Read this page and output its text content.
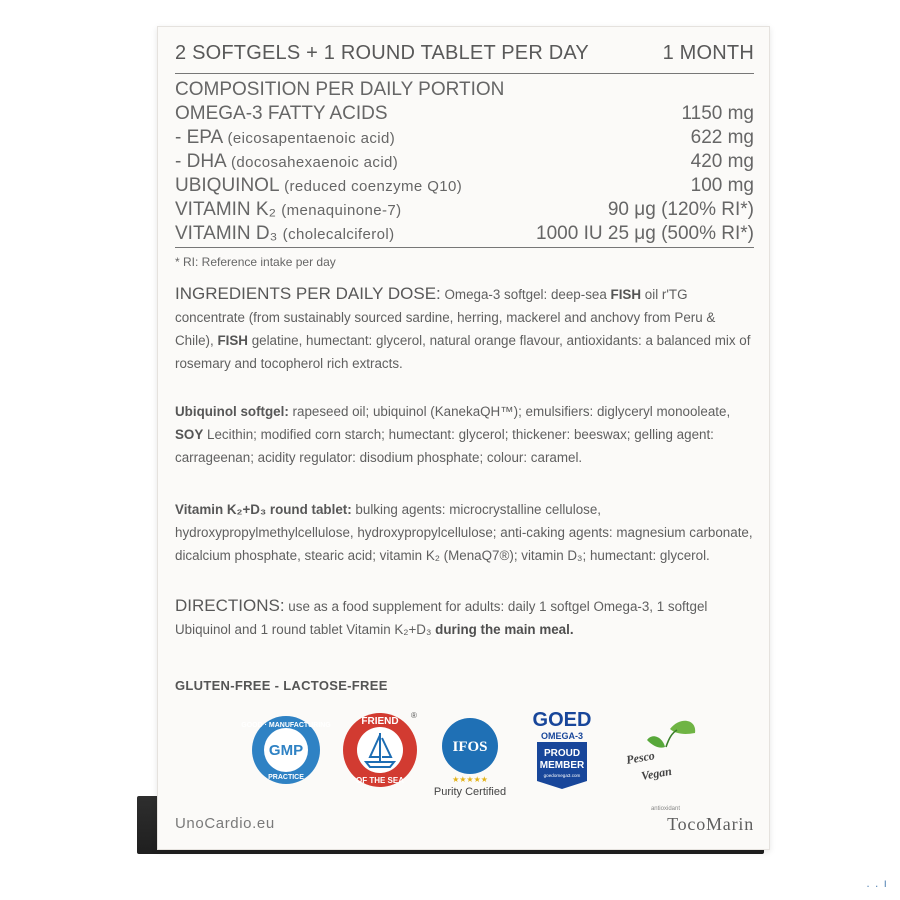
2 SOFTGELS + 1 ROUND TABLET PER DAY	1 MONTH
COMPOSITION PER DAILY PORTION
OMEGA-3 FATTY ACIDS	1150 mg
- EPA (eicosapentaenoic acid)	622 mg
- DHA (docosahexaenoic acid)	420 mg
UBIQUINOL (reduced coenzyme Q10)	100 mg
VITAMIN K₂ (menaquinone-7)	90 μg (120% RI*)
VITAMIN D₃ (cholecalciferol)	1000 IU 25 μg (500% RI*)
* RI: Reference intake per day
INGREDIENTS PER DAILY DOSE: Omega-3 softgel: deep-sea FISH oil r'TG concentrate (from sustainably sourced sardine, herring, mackerel and anchovy from Peru & Chile), FISH gelatine, humectant: glycerol, natural orange flavour, antioxidants: a balanced mix of rosemary and tocopherol rich extracts.
Ubiquinol softgel: rapeseed oil; ubiquinol (KanekaQH™); emulsifiers: diglyceryl monooleate, SOY Lecithin; modified corn starch; humectant: glycerol; thickener: beeswax; gelling agent: carrageenan; acidity regulator: disodium phosphate; colour: caramel.
Vitamin K₂+D₃ round tablet: bulking agents: microcrystalline cellulose, hydroxypropylmethylcellulose, hydroxypropylcellulose; anti-caking agents: magnesium carbonate, dicalcium phosphate, stearic acid; vitamin K₂ (MenaQ7®); vitamin D₃; humectant: glycerol.
DIRECTIONS: use as a food supplement for adults: daily 1 softgel Omega-3, 1 softgel Ubiquinol and 1 round tablet Vitamin K₂+D₃ during the main meal.
GLUTEN-FREE - LACTOSE-FREE
GOOD · MANUFACTURING
GMP
PRACTICE
FRIEND
OF THE SEA
®
IFOS
★★★★★
Purity Certified
GOED
OMEGA-3
PROUD
MEMBER
goedomega3.com
Pesco
Vegan
UnoCardio.eu
antioxidant
TocoMarin
. . ı
